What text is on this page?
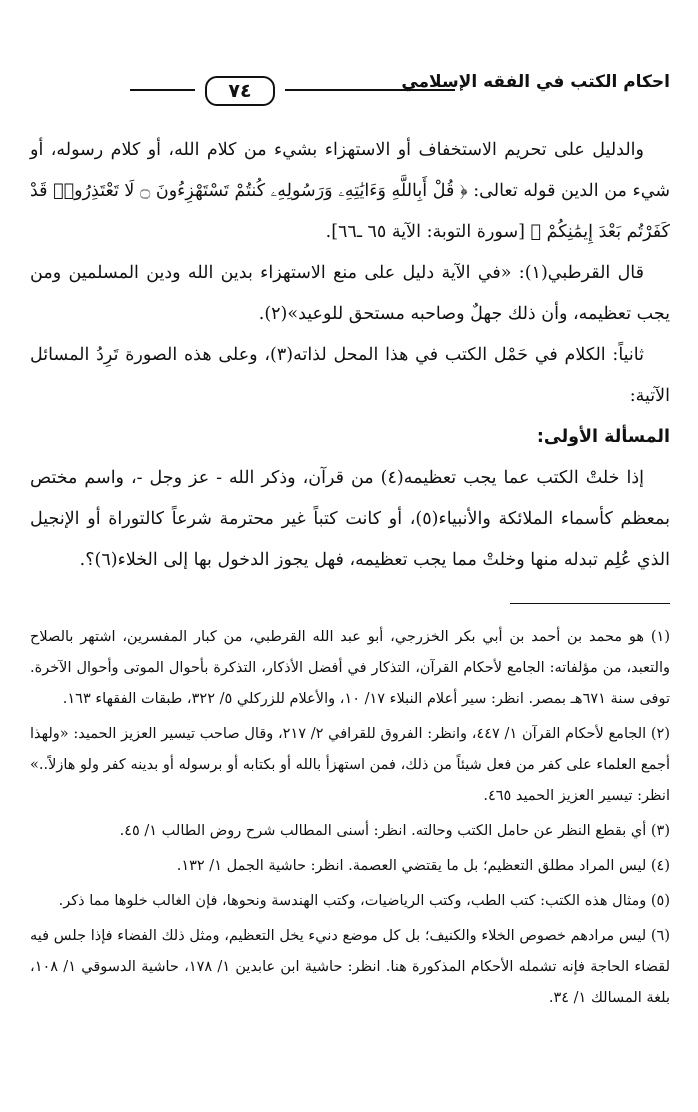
احكام الكتب في الفقه الإسلامي
٧٤

والدليل على تحريم الاستخفاف أو الاستهزاء بشيء من كلام الله، أو كلام رسوله، أو شيء من الدين قوله تعالى: ﴿ قُلْ أَبِاللَّهِ وَءَايَٰتِهِۦ وَرَسُولِهِۦ كُنتُمْ تَسْتَهْزِءُونَ ۝ لَا تَعْتَذِرُوا۟ قَدْ كَفَرْتُم بَعْدَ إِيمَٰنِكُمْ ﴾ [سورة التوبة: الآية ٦٥ ـ٦٦].

قال القرطبي(١): «في الآية دليل على منع الاستهزاء بدين الله ودين المسلمين ومن يجب تعظيمه، وأن ذلك جهلٌ وصاحبه مستحق للوعيد»(٢).

ثانياً: الكلام في حَمْل الكتب في هذا المحل لذاته(٣)، وعلى هذه الصورة تَرِدُ المسائل الآتية:

المسألة الأولى:

إذا خلتْ الكتب عما يجب تعظيمه(٤) من قرآن، وذكر الله - عز وجل -، واسم مختص بمعظم كأسماء الملائكة والأنبياء(٥)، أو كانت كتباً غير محترمة شرعاً كالتوراة أو الإنجيل الذي عُلِم تبدله منها وخلتْ مما يجب تعظيمه، فهل يجوز الدخول بها إلى الخلاء(٦)؟.

(١) هو محمد بن أحمد بن أبي بكر الخزرجي، أبو عبد الله القرطبي، من كبار المفسرين، اشتهر بالصلاح والتعبد، من مؤلفاته: الجامع لأحكام القرآن، التذكار في أفضل الأذكار، التذكرة بأحوال الموتى وأحوال الآخرة. توفى سنة ٦٧١هـ بمصر. انظر: سير أعلام النبلاء ١٧/ ١٠، والأعلام للزركلي ٥/ ٣٢٢، طبقات الفقهاء ١٦٣.

(٢) الجامع لأحكام القرآن ١/ ٤٤٧، وانظر: الفروق للقرافي ٢/ ٢١٧، وقال صاحب تيسير العزيز الحميد: «ولهذا أجمع العلماء على كفر من فعل شيئاً من ذلك، فمن استهزأ بالله أو بكتابه أو برسوله أو بدينه كفر ولو هازلاً..» انظر: تيسير العزيز الحميد ٤٦٥.

(٣) أي بقطع النظر عن حامل الكتب وحالته. انظر: أسنى المطالب شرح روض الطالب ١/ ٤٥.

(٤) ليس المراد مطلق التعظيم؛ بل ما يقتضي العصمة. انظر: حاشية الجمل ١/ ١٣٢.

(٥) ومثال هذه الكتب: كتب الطب، وكتب الرياضيات، وكتب الهندسة ونحوها، فإن الغالب خلوها مما ذكر.

(٦) ليس مرادهم خصوص الخلاء والكنيف؛ بل كل موضع دنيء يخل التعظيم، ومثل ذلك الفضاء فإذا جلس فيه لقضاء الحاجة فإنه تشمله الأحكام المذكورة هنا. انظر: حاشية ابن عابدين ١/ ١٧٨، حاشية الدسوقي ١/ ١٠٨، بلغة المسالك ١/ ٣٤.
